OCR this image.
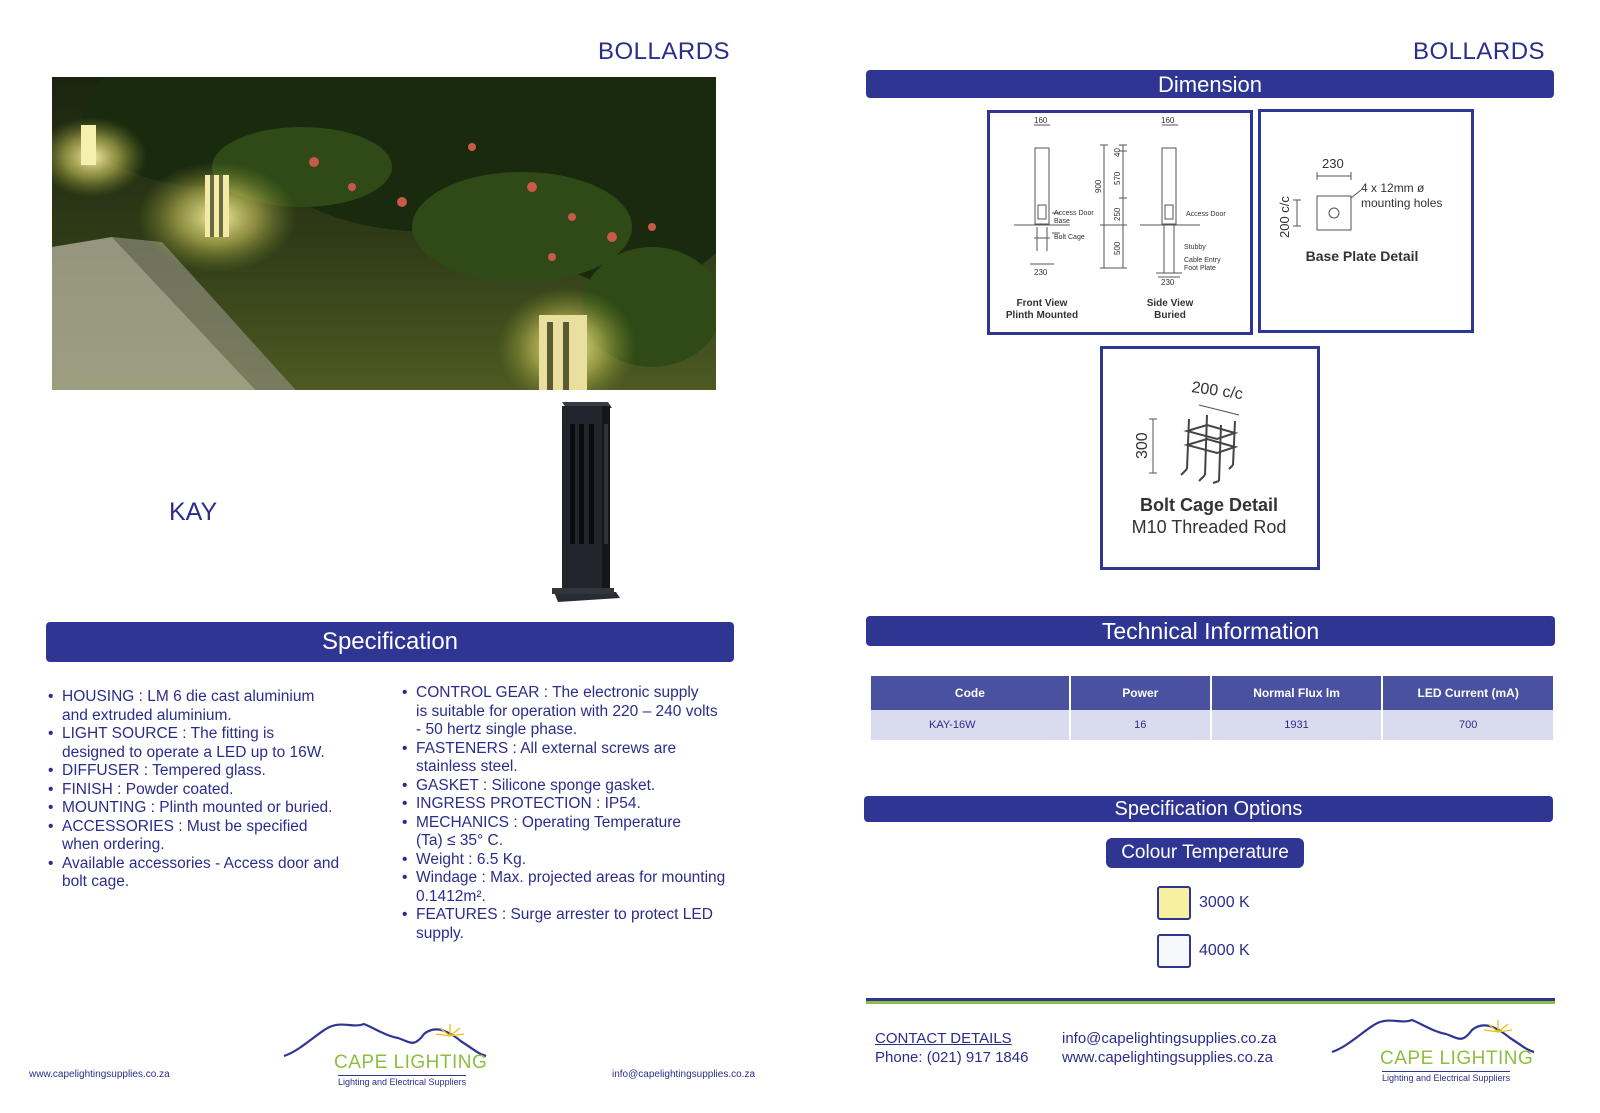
BOLLARDS
KAY
Specification
• HOUSING : LM 6 die cast aluminium
and extruded aluminium.
• LIGHT SOURCE : The fitting is
designed to operate a LED up to 16W.
• DIFFUSER : Tempered glass.
• FINISH : Powder coated.
• MOUNTING : Plinth mounted or buried.
• ACCESSORIES : Must be specified
when ordering.
• Available accessories - Access door and
bolt cage.
• CONTROL GEAR : The electronic supply
is suitable for operation with 220 – 240 volts
- 50 hertz single phase.
• FASTENERS : All external screws are
stainless steel.
• GASKET : Silicone sponge gasket.
• INGRESS PROTECTION : IP54.
• MECHANICS : Operating Temperature
(Ta) ≤ 35° C.
• Weight : 6.5 Kg.
• Windage : Max. projected areas for mounting
0.1412m².
• FEATURES : Surge arrester to protect LED
supply.
www.capelightingsupplies.co.za	info@capelightingsupplies.co.za
CAPE LIGHTING
Lighting and Electrical Suppliers
BOLLARDS
Dimension
160
230
Access Door
Base
Bolt Cage
160
230
Access Door
Stubby
Cable Entry
Foot Plate
900
40
570
250
500
Front View
Plinth Mounted
Side View
Buried
230
200 c/c
4 x 12mm ø
mounting holes
Base Plate Detail
200 c/c
300
Bolt Cage Detail
M10 Threaded Rod
Technical Information
Code	Power	Normal Flux lm	LED Current (mA)
KAY-16W	16	1931	700
Specification Options
Colour Temperature
3000 K
4000 K
CONTACT DETAILS
Phone: (021) 917 1846
info@capelightingsupplies.co.za
www.capelightingsupplies.co.za	CAPE LIGHTING
Lighting and Electrical Suppliers
